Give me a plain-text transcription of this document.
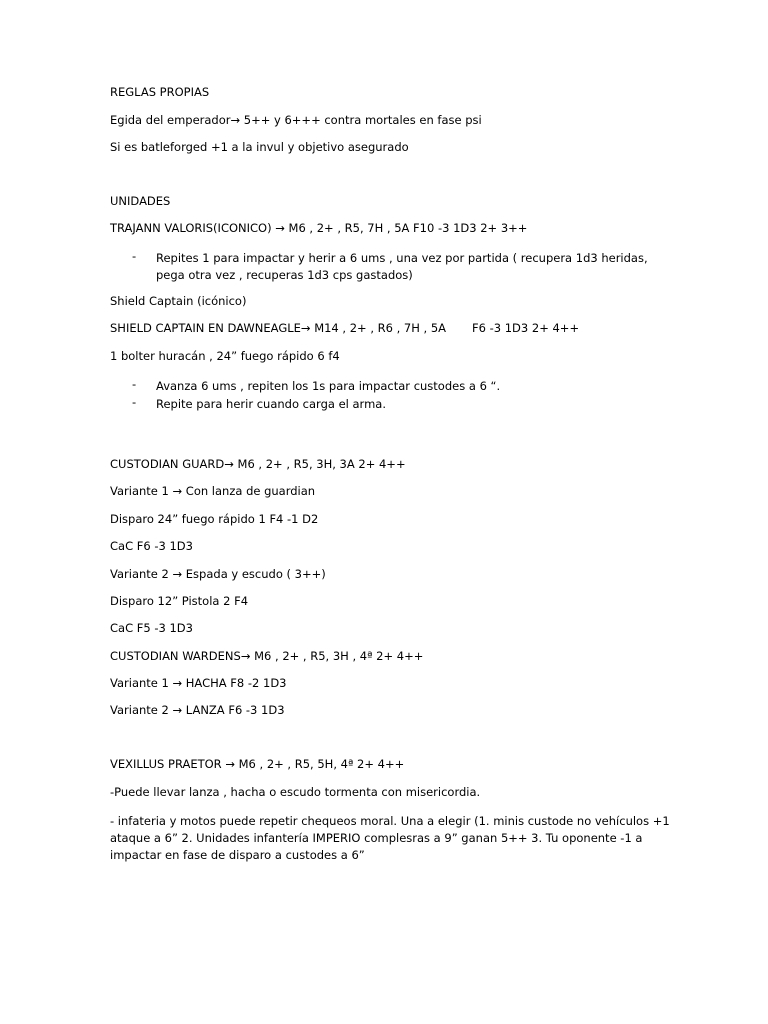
REGLAS PROPIAS
Egida del emperador→ 5++ y 6+++ contra mortales en fase psi
Si es batleforged +1 a la invul y objetivo asegurado
UNIDADES
TRAJANN VALORIS(ICONICO) → M6 , 2+ , R5, 7H , 5A F10 -3 1D3 2+ 3++
- Repites 1 para impactar y herir a 6 ums , una vez por partida ( recupera 1d3 heridas, pega otra vez , recuperas 1d3 cps gastados)
Shield Captain (icónico)
SHIELD CAPTAIN EN DAWNEAGLE→ M14 , 2+ , R6 , 7H , 5A F6 -3 1D3 2+ 4++
1 bolter huracán , 24” fuego rápido 6 f4
- Avanza 6 ums , repiten los 1s para impactar custodes a 6 “.
- Repite para herir cuando carga el arma.
CUSTODIAN GUARD→ M6 , 2+ , R5, 3H, 3A 2+ 4++
Variante 1 → Con lanza de guardian
Disparo 24” fuego rápido 1 F4 -1 D2
CaC F6 -3 1D3
Variante 2 → Espada y escudo ( 3++)
Disparo 12” Pistola 2 F4
CaC F5 -3 1D3
CUSTODIAN WARDENS→ M6 , 2+ , R5, 3H , 4ª 2+ 4++
Variante 1 → HACHA F8 -2 1D3
Variante 2 → LANZA F6 -3 1D3
VEXILLUS PRAETOR → M6 , 2+ , R5, 5H, 4ª 2+ 4++
-Puede llevar lanza , hacha o escudo tormenta con misericordia.
- infateria y motos puede repetir chequeos moral. Una a elegir (1. minis custode no vehículos +1 ataque a 6” 2. Unidades infantería IMPERIO complesras a 9” ganan 5++ 3. Tu oponente -1 a impactar en fase de disparo a custodes a 6”
